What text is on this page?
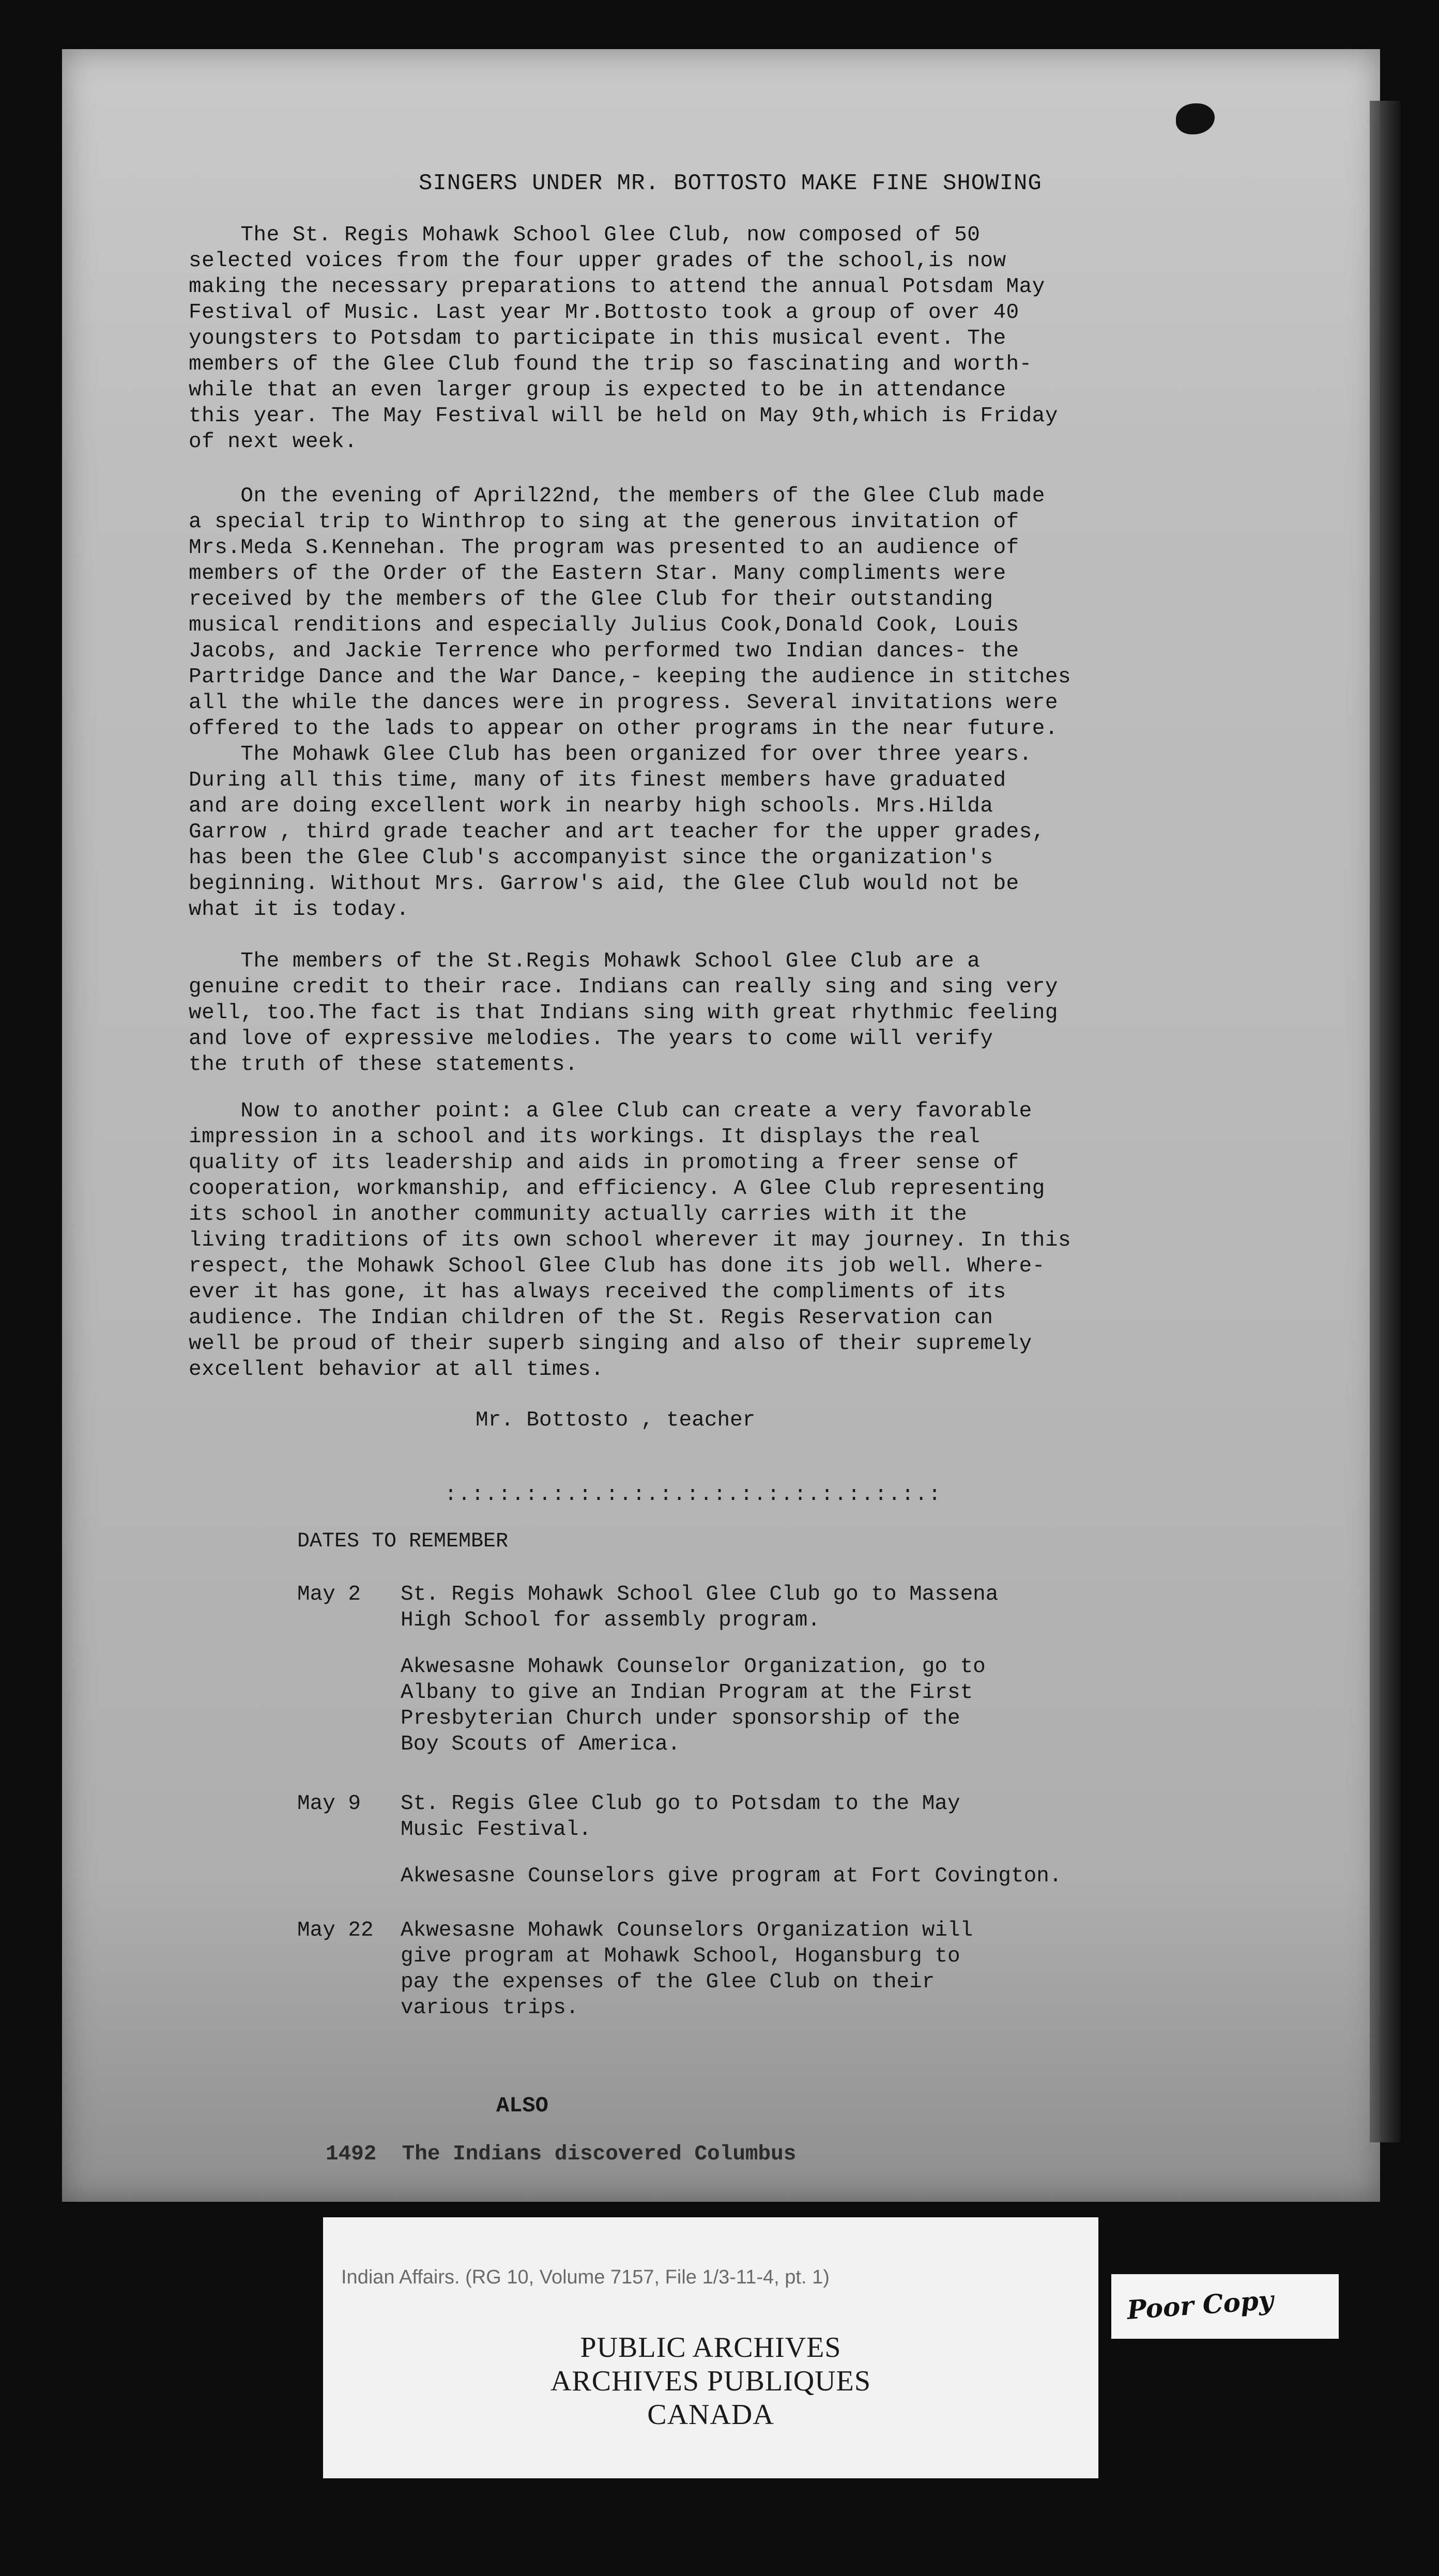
SINGERS UNDER MR. BOTTOSTO MAKE FINE SHOWING
The St. Regis Mohawk School Glee Club, now composed of 50
selected voices from the four upper grades of the school,is now
making the necessary preparations to attend the annual Potsdam May
Festival of Music. Last year Mr.Bottosto took a group of over 40
youngsters to Potsdam to participate in this musical event. The
members of the Glee Club found the trip so fascinating and worth-
while that an even larger group is expected to be in attendance
this year. The May Festival will be held on May 9th,which is Friday
of next week.
On the evening of April22nd, the members of the Glee Club made
a special trip to Winthrop to sing at the generous invitation of
Mrs.Meda S.Kennehan. The program was presented to an audience of
members of the Order of the Eastern Star. Many compliments were
received by the members of the Glee Club for their outstanding
musical renditions and especially Julius Cook,Donald Cook, Louis
Jacobs, and Jackie Terrence who performed two Indian dances- the
Partridge Dance and the War Dance,- keeping the audience in stitches
all the while the dances were in progress. Several invitations were
offered to the lads to appear on other programs in the near future.
The Mohawk Glee Club has been organized for over three years.
During all this time, many of its finest members have graduated
and are doing excellent work in nearby high schools. Mrs.Hilda
Garrow , third grade teacher and art teacher for the upper grades,
has been the Glee Club's accompanyist since the organization's
beginning. Without Mrs. Garrow's aid, the Glee Club would not be
what it is today.
The members of the St.Regis Mohawk School Glee Club are a
genuine credit to their race. Indians can really sing and sing very
well, too.The fact is that Indians sing with great rhythmic feeling
and love of expressive melodies. The years to come will verify
the truth of these statements.
Now to another point: a Glee Club can create a very favorable
impression in a school and its workings. It displays the real
quality of its leadership and aids in promoting a freer sense of
cooperation, workmanship, and efficiency. A Glee Club representing
its school in another community actually carries with it the
living traditions of its own school wherever it may journey. In this
respect, the Mohawk School Glee Club has done its job well. Where-
ever it has gone, it has always received the compliments of its
audience. The Indian children of the St. Regis Reservation can
well be proud of their superb singing and also of their supremely
excellent behavior at all times.
Mr. Bottosto , teacher
:.:.:.:.:.:.:.:.:.:.:.:.:.:.:.:.:.:.:
DATES TO REMEMBER
May 2	St. Regis Mohawk School Glee Club go to Massena
High School for assembly program.
Akwesasne Mohawk Counselor Organization, go to
Albany to give an Indian Program at the First
Presbyterian Church under sponsorship of the
Boy Scouts of America.
May 9	St. Regis Glee Club go to Potsdam to the May
Music Festival.
Akwesasne Counselors give program at Fort Covington.
May 22	Akwesasne Mohawk Counselors Organization will
give program at Mohawk School, Hogansburg to
pay the expenses of the Glee Club on their
various trips.
ALSO
1492  The Indians discovered Columbus
Indian Affairs. (RG 10, Volume 7157, File 1/3-11-4, pt. 1)
PUBLIC ARCHIVES
ARCHIVES PUBLIQUES
CANADA
Poor Copy
